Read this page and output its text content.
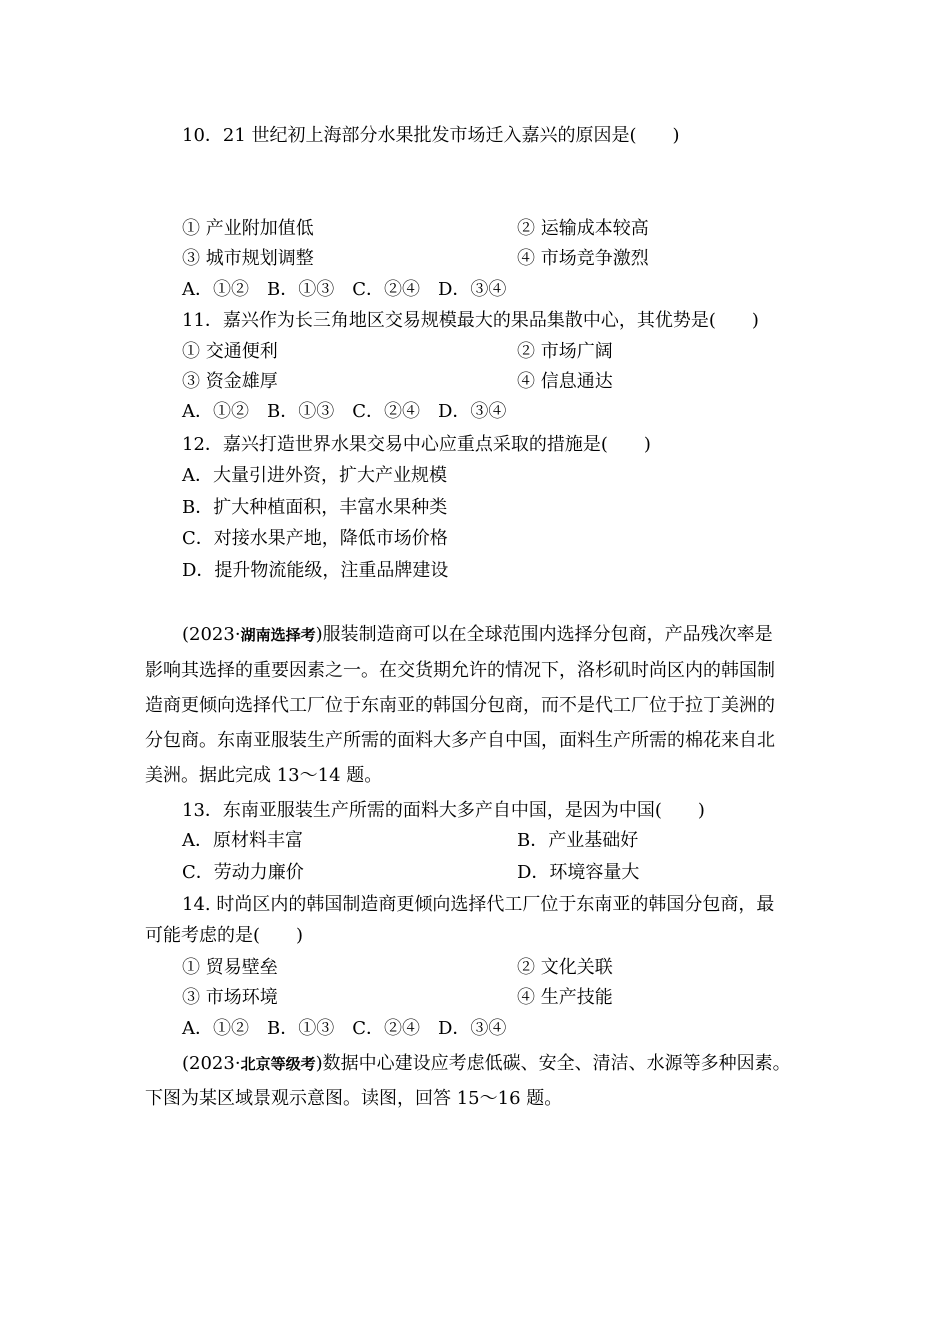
10．21 世纪初上海部分水果批发市场迁入嘉兴的原因是(　　)
① 产业附加值低	② 运输成本较高
③ 城市规划调整	④ 市场竞争激烈
A．①②　B．①③　C．②④　D．③④
11．嘉兴作为长三角地区交易规模最大的果品集散中心，其优势是(　　)
① 交通便利	② 市场广阔
③ 资金雄厚	④ 信息通达
A．①②　B．①③　C．②④　D．③④
12．嘉兴打造世界水果交易中心应重点采取的措施是(　　)
A．大量引进外资，扩大产业规模
B．扩大种植面积，丰富水果种类
C．对接水果产地，降低市场价格
D．提升物流能级，注重品牌建设
(2023·湖南选择考)服装制造商可以在全球范围内选择分包商，产品残次率是
影响其选择的重要因素之一。在交货期允许的情况下，洛杉矶时尚区内的韩国制
造商更倾向选择代工厂位于东南亚的韩国分包商，而不是代工厂位于拉丁美洲的
分包商。东南亚服装生产所需的面料大多产自中国，面料生产所需的棉花来自北
美洲。据此完成 13～14 题。
13．东南亚服装生产所需的面料大多产自中国，是因为中国(　　)
A．原材料丰富	B．产业基础好
C．劳动力廉价	D．环境容量大
14. 时尚区内的韩国制造商更倾向选择代工厂位于东南亚的韩国分包商，最
可能考虑的是(　　)
① 贸易壁垒	② 文化关联
③ 市场环境	④ 生产技能
A．①②　B．①③　C．②④　D．③④
(2023·北京等级考)数据中心建设应考虑低碳、安全、清洁、水源等多种因素。
下图为某区域景观示意图。读图，回答 15～16 题。
